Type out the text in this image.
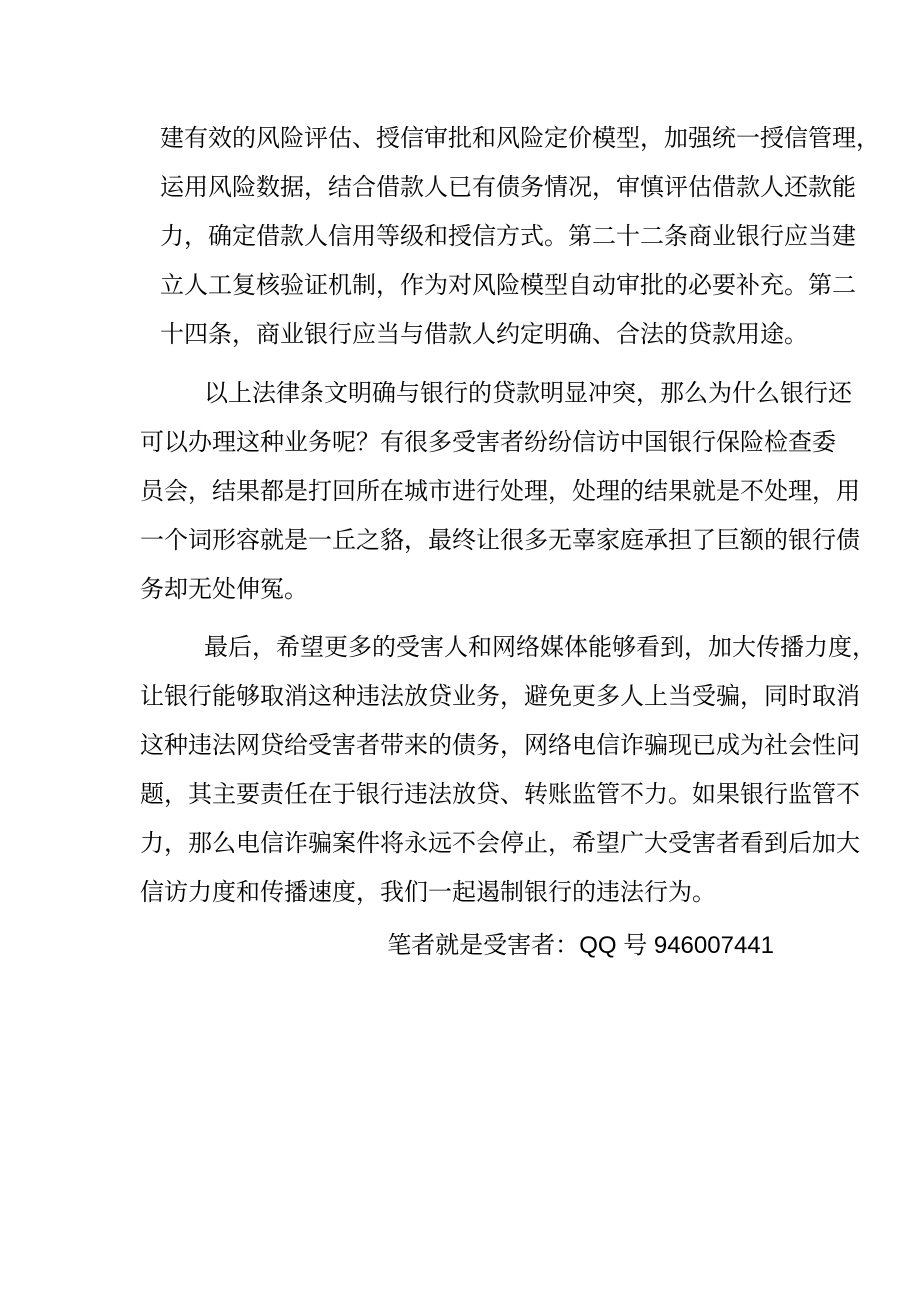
建有效的风险评估、授信审批和风险定价模型，加强统一授信管理，

运用风险数据，结合借款人已有债务情况，审慎评估借款人还款能

力，确定借款人信用等级和授信方式。第二十二条商业银行应当建

立人工复核验证机制，作为对风险模型自动审批的必要补充。第二

十四条，商业银行应当与借款人约定明确、合法的贷款用途。

以上法律条文明确与银行的贷款明显冲突，那么为什么银行还

可以办理这种业务呢？有很多受害者纷纷信访中国银行保险检查委

员会，结果都是打回所在城市进行处理，处理的结果就是不处理，用

一个词形容就是一丘之貉，最终让很多无辜家庭承担了巨额的银行债

务却无处伸冤。

最后，希望更多的受害人和网络媒体能够看到，加大传播力度，

让银行能够取消这种违法放贷业务，避免更多人上当受骗，同时取消

这种违法网贷给受害者带来的债务，网络电信诈骗现已成为社会性问

题，其主要责任在于银行违法放贷、转账监管不力。如果银行监管不

力，那么电信诈骗案件将永远不会停止，希望广大受害者看到后加大

信访力度和传播速度，我们一起遏制银行的违法行为。

笔者就是受害者：QQ 号 946007441
